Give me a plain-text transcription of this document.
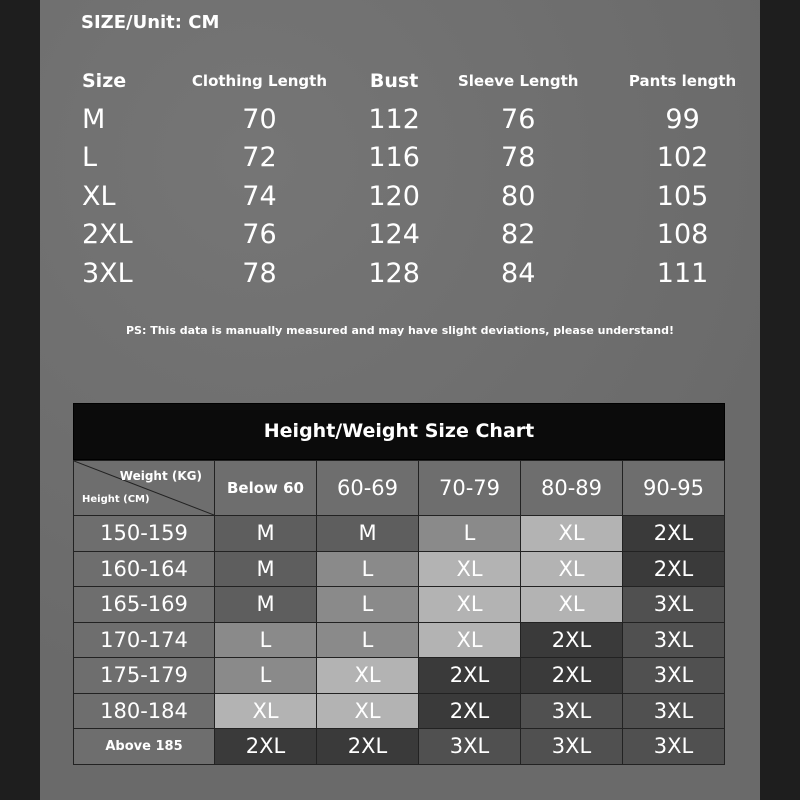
SIZE/Unit: CM
Size	Clothing Length	Bust	Sleeve Length	Pants length
M	70	112	76	99
L	72	116	78	102
XL	74	120	80	105
2XL	76	124	82	108
3XL	78	128	84	111
PS: This data is manually measured and may have slight deviations, please understand!
Height/Weight Size Chart
Weight (KG)
Height (CM)	Below 60	60-69	70-79	80-89	90-95
150-159	M	M	L	XL	2XL
160-164	M	L	XL	XL	2XL
165-169	M	L	XL	XL	3XL
170-174	L	L	XL	2XL	3XL
175-179	L	XL	2XL	2XL	3XL
180-184	XL	XL	2XL	3XL	3XL
Above 185	2XL	2XL	3XL	3XL	3XL
